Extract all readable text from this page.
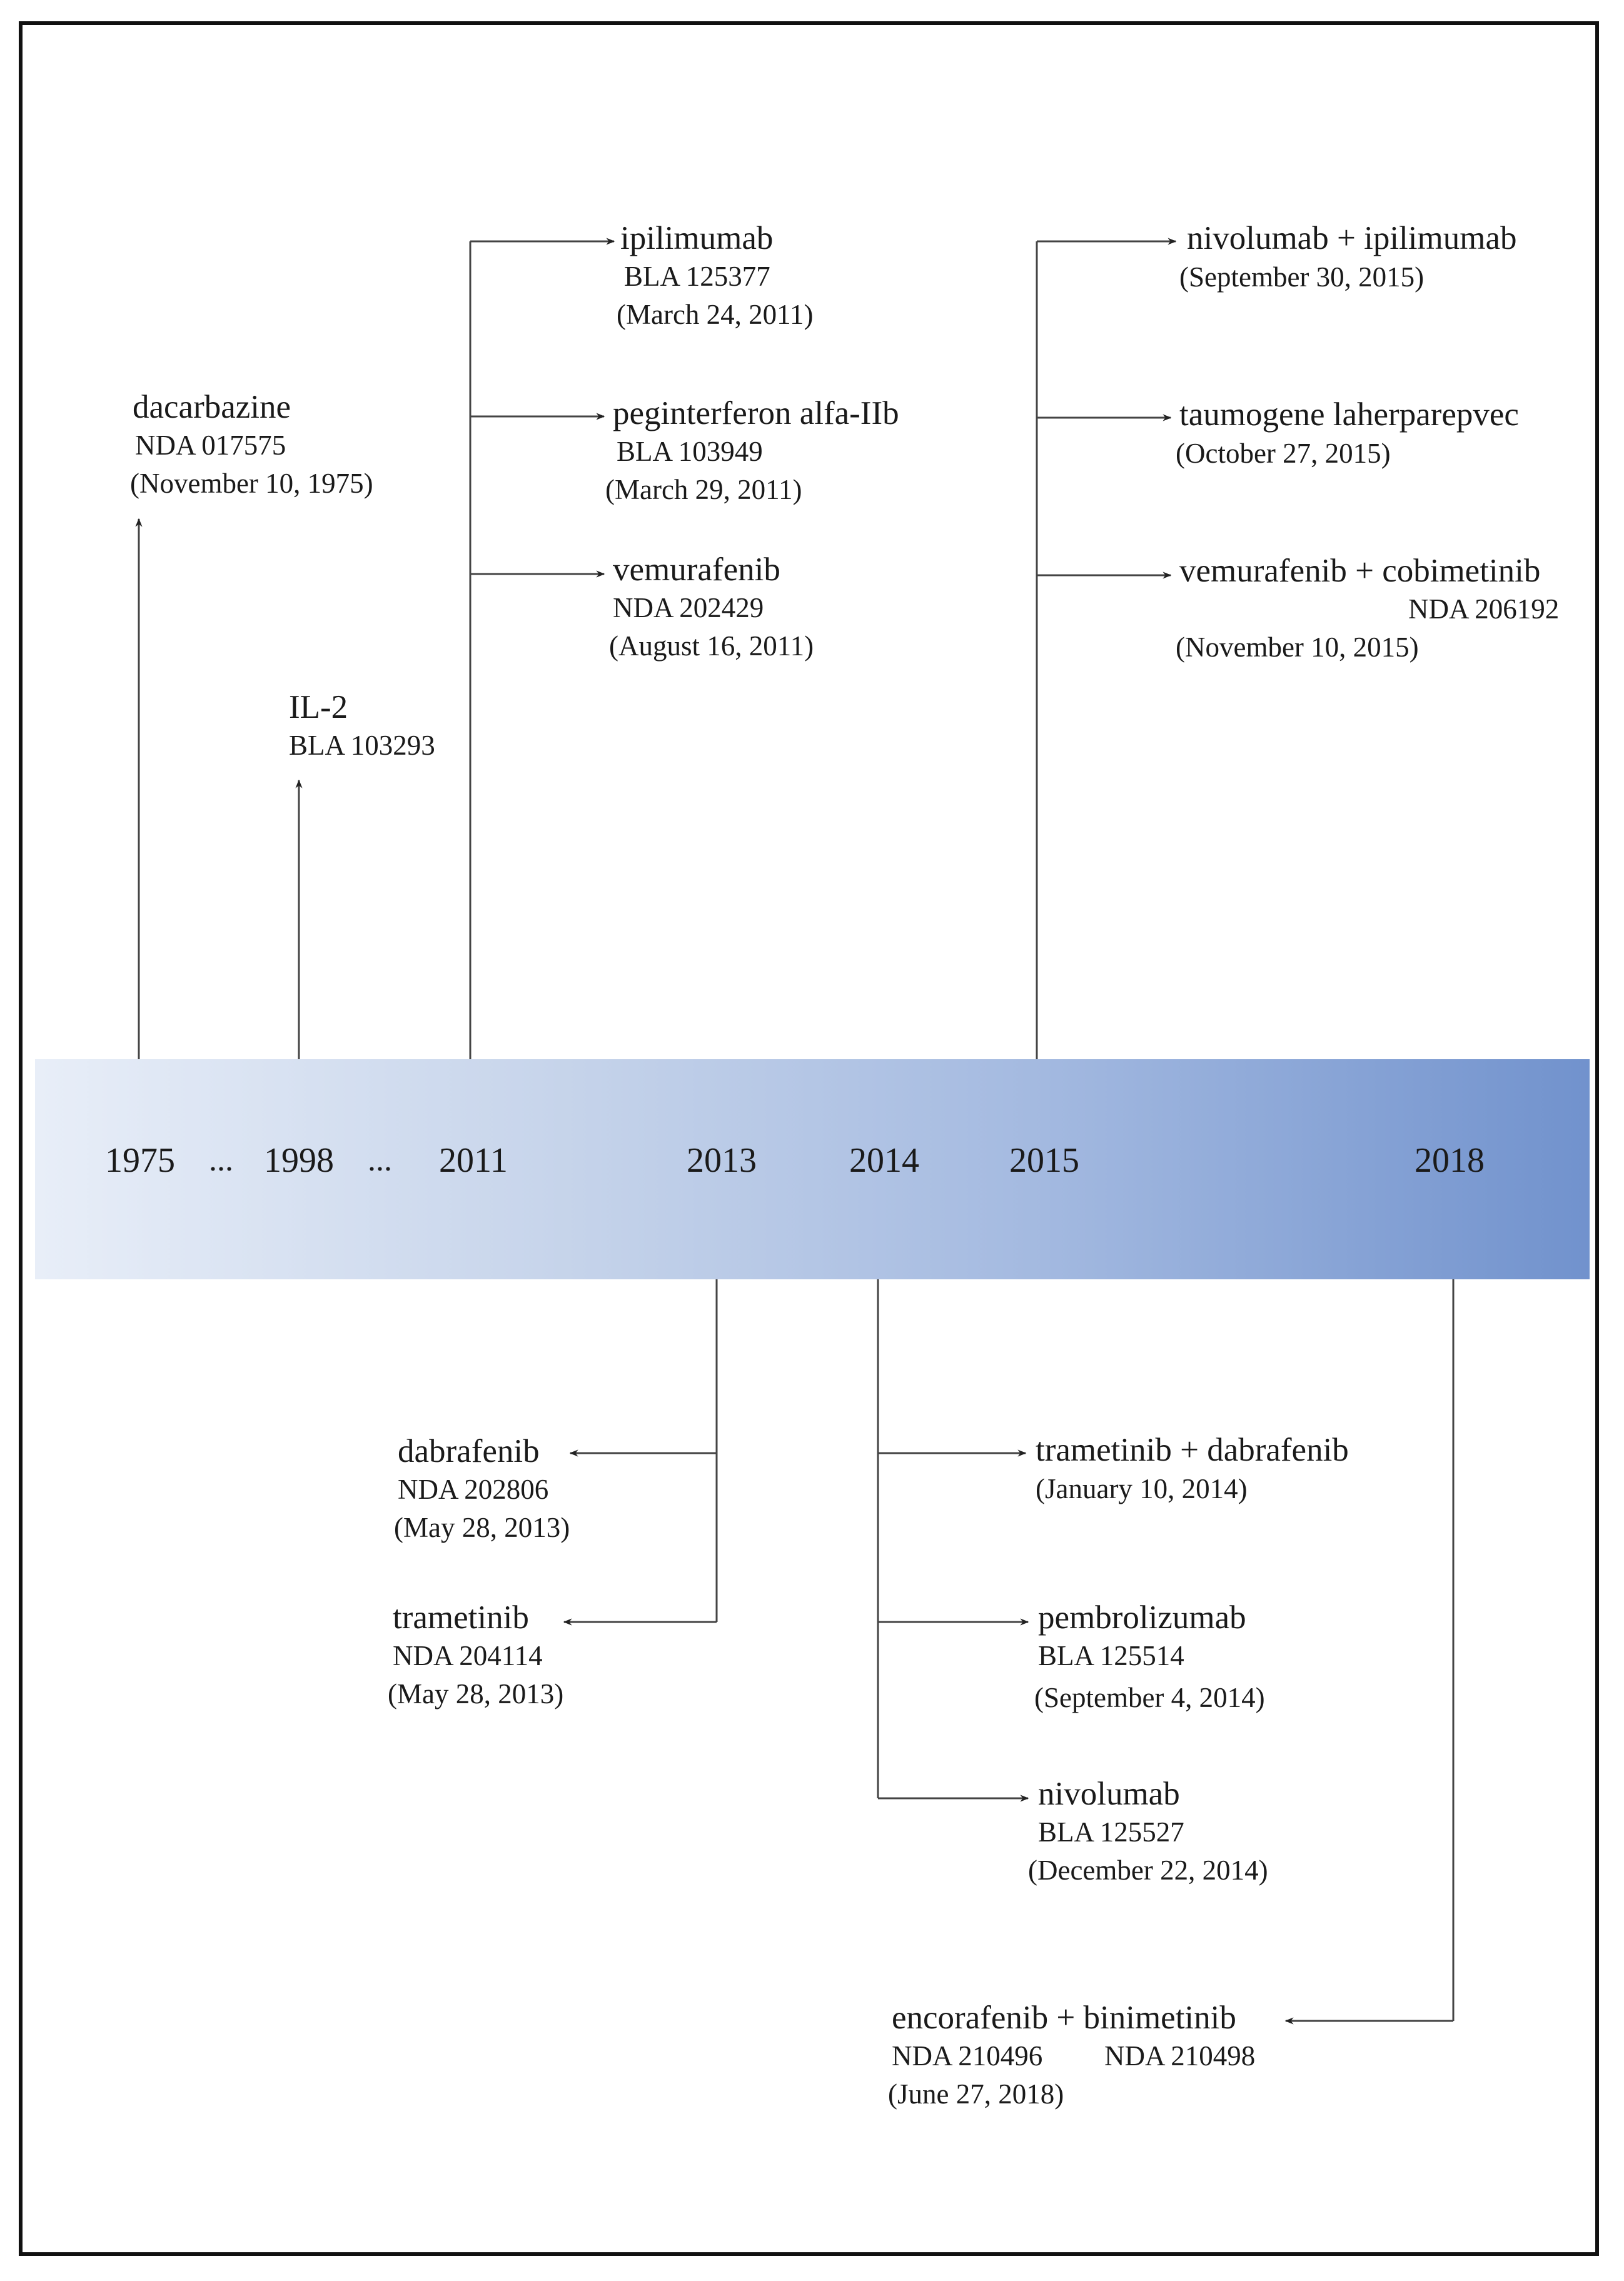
1975 ... 1998 ... 2011	2013	2014	2015	2018
dacarbazine
NDA 017575
(November 10, 1975)
IL-2
BLA 103293
ipilimumab
BLA 125377
(March 24, 2011)
peginterferon alfa-IIb
BLA 103949
(March 29, 2011)
vemurafenib
NDA 202429
(August 16, 2011)
nivolumab + ipilimumab
(September 30, 2015)
taumogene laherparepvec
(October 27, 2015)
vemurafenib + cobimetinib
NDA 206192
(November 10, 2015)
dabrafenib
NDA 202806
(May 28, 2013)
trametinib
NDA 204114
(May 28, 2013)
trametinib + dabrafenib
(January 10, 2014)
pembrolizumab
BLA 125514
(September 4, 2014)
nivolumab
BLA 125527
(December 22, 2014)
encorafenib + binimetinib
NDA 210496 NDA 210498
(June 27, 2018)
